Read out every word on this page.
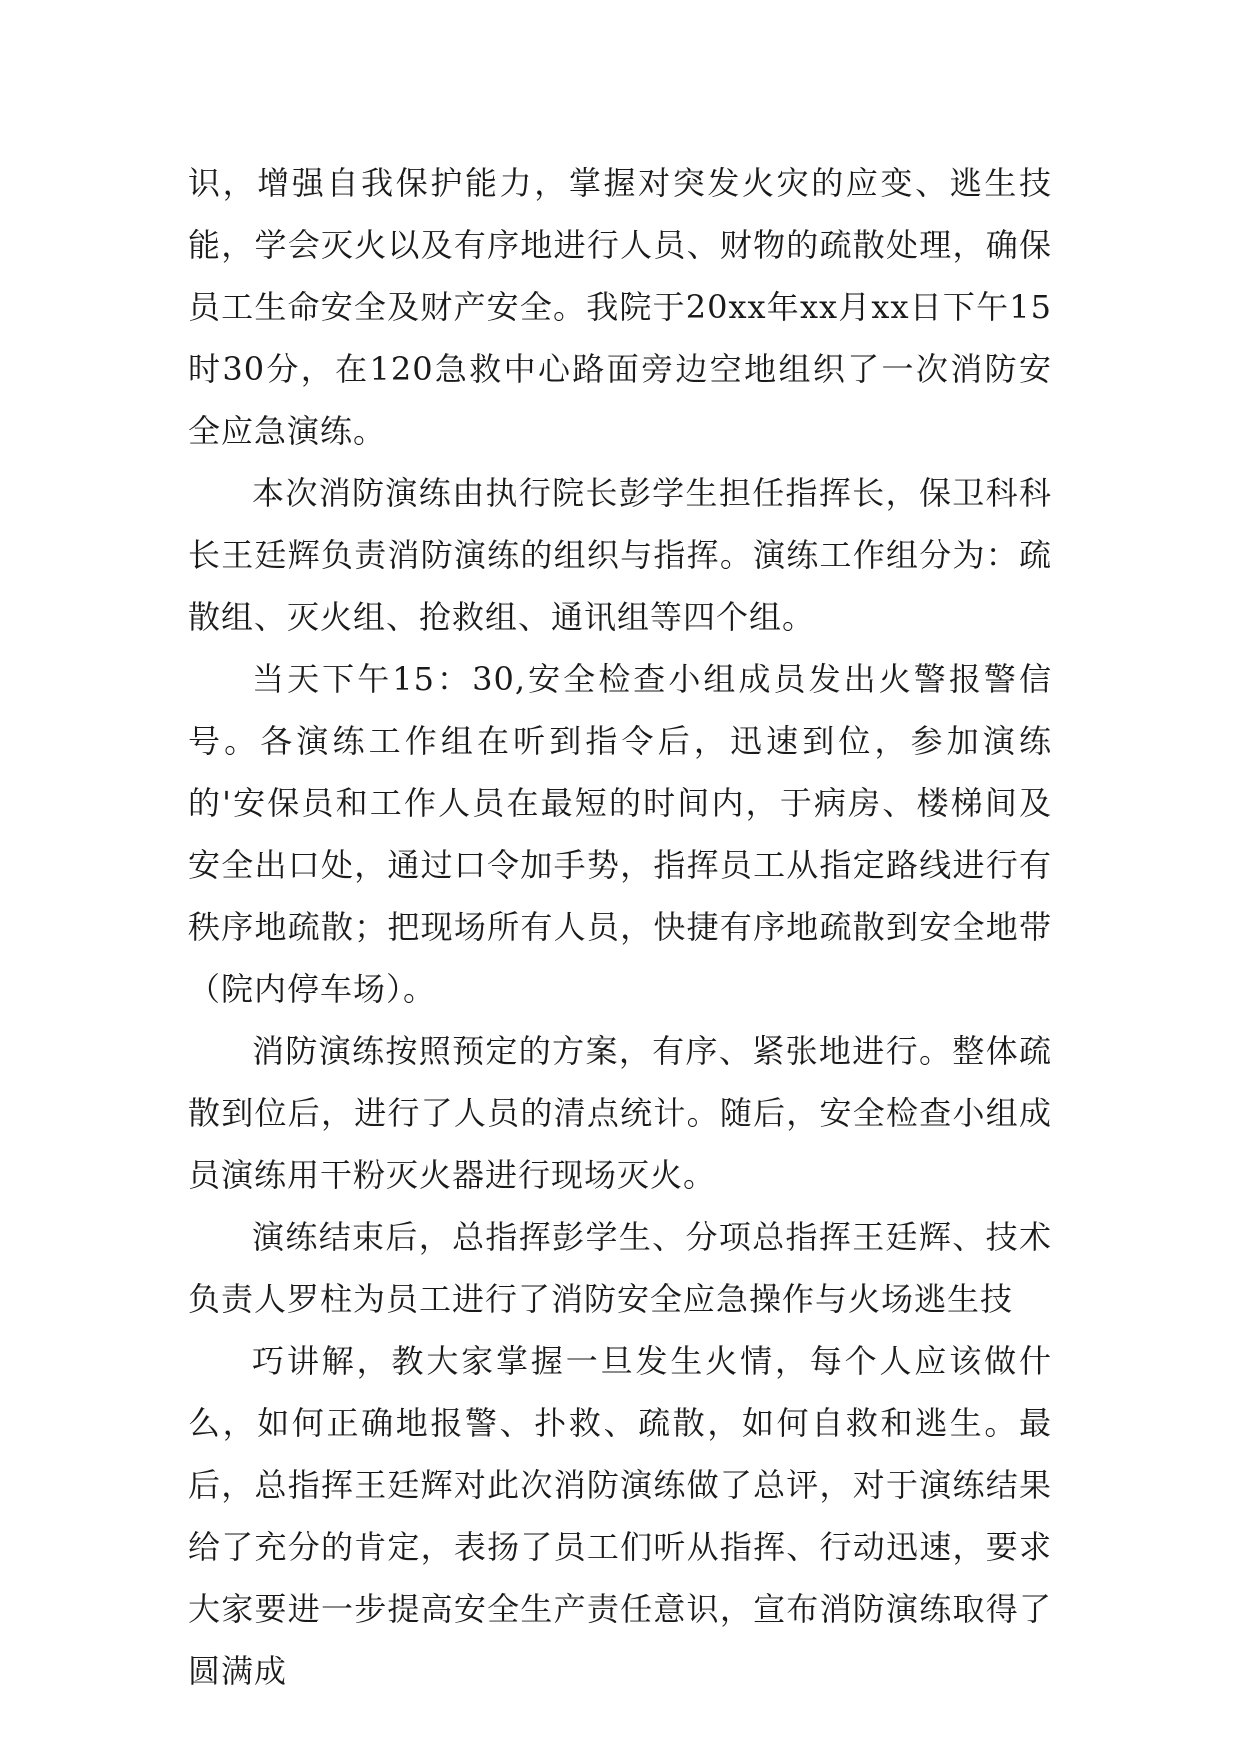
识，增强自我保护能力，掌握对突发火灾的应变、逃生技能，学会灭火以及有序地进行人员、财物的疏散处理，确保员工生命安全及财产安全。我院于20xx年xx月xx日下午15时30分，在120急救中心路面旁边空地组织了一次消防安全应急演练。

本次消防演练由执行院长彭学生担任指挥长，保卫科科长王廷辉负责消防演练的组织与指挥。演练工作组分为：疏散组、灭火组、抢救组、通讯组等四个组。

当天下午15：30,安全检查小组成员发出火警报警信号。各演练工作组在听到指令后，迅速到位，参加演练的'安保员和工作人员在最短的时间内，于病房、楼梯间及安全出口处，通过口令加手势，指挥员工从指定路线进行有秩序地疏散；把现场所有人员，快捷有序地疏散到安全地带（院内停车场）。

消防演练按照预定的方案，有序、紧张地进行。整体疏散到位后，进行了人员的清点统计。随后，安全检查小组成员演练用干粉灭火器进行现场灭火。

演练结束后，总指挥彭学生、分项总指挥王廷辉、技术负责人罗柱为员工进行了消防安全应急操作与火场逃生技

巧讲解，教大家掌握一旦发生火情，每个人应该做什么，如何正确地报警、扑救、疏散，如何自救和逃生。最后，总指挥王廷辉对此次消防演练做了总评，对于演练结果给了充分的肯定，表扬了员工们听从指挥、行动迅速，要求大家要进一步提高安全生产责任意识，宣布消防演练取得了圆满成
